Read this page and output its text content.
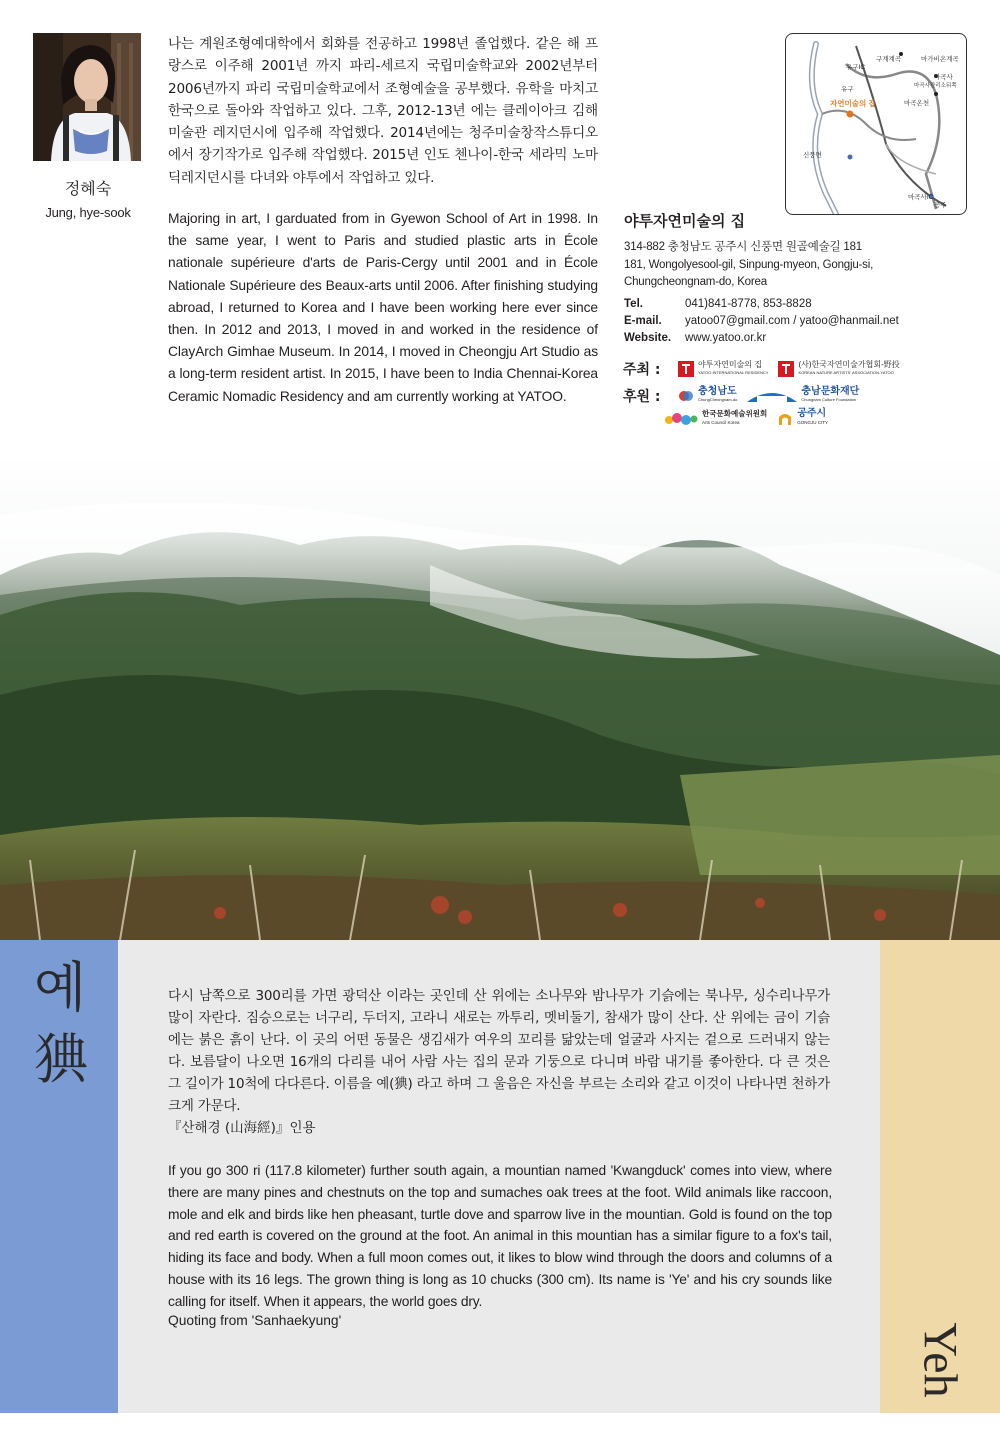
정혜숙
Jung, hye-sook

나는 계원조형예대학에서 회화를 전공하고 1998년 졸업했다. 같은 해 프랑스로 이주해 2001년 까지 파리-세르지 국립미술학교와 2002년부터 2006년까지 파리 국립미술학교에서 조형예술을 공부했다. 유학을 마치고 한국으로 돌아와 작업하고 있다. 그후, 2012-13년 에는 클레이아크 김해 미술관 레지던시에 입주해 작업했다. 2014년에는 청주미술창작스튜디오에서 장기작가로 입주해 작업했다. 2015년 인도 첸나이-한국 세라믹 노마딕레지던시를 다녀와 야투에서 작업하고 있다.

Majoring in art, I garduated from in Gyewon School of Art in 1998. In the same year, I went to Paris and studied plastic arts in École nationale supérieure d'arts de Paris-Cergy until 2001 and in École Nationale Supérieure des Beaux-arts until 2006. After finishing studying abroad, I returned to Korea and I have been working here ever since then. In 2012 and 2013, I moved in and worked in the residence of ClayArch Gimhae Museum. In 2014, I moved in Cheongju Art Studio as a long-term resident artist. In 2015, I have been to India Chennai-Korea Ceramic Nomadic Residency and am currently working at YATOO.

구계계곡	마가비온계곡
유구IC
유구
마곡사
마곡사관리소뒤쪽
자연미술의 집	마곡온천
신풍면
마곡사IC
공주
야투자연미술의 집
314-882 충청남도 공주시 신풍면 원골예술길 181
181, Wongolyesool-gil, Sinpung-myeon, Gongju-si,
Chungcheongnam-do, Korea
Tel.	041)841-8778, 853-8828
E-mail.	yatoo07@gmail.com / yatoo@hanmail.net
Website.	www.yatoo.or.kr
주최 :	야투자연미술의 집
YATOO INTERNATIONAL RESIDENCY
(사)한국자연미술가협회-野投
KOREAN NATURE ARTISTS' ASSOCIATION-YATOO
후원 :	충청남도
ChungCheongnam-do
충남문화재단
Chungnam Culture Foundation
한국문화예술위원회
Arts Council Korea
공주시
GONGJU CITY
예
猠
Yeh

다시 남쪽으로 300리를 가면 광덕산 이라는 곳인데 산 위에는 소나무와 밤나무가 기슭에는 북나무, 싱수리나무가 많이 자란다. 짐승으로는 너구리, 두더지, 고라니 새로는 까투리, 멧비둘기, 참새가 많이 산다. 산 위에는 금이 기슭에는 붉은 흙이 난다. 이 곳의 어떤 동물은 생김새가 여우의 꼬리를 닮았는데 얼굴과 사지는 겉으로 드러내지 않는다. 보름달이 나오면 16개의 다리를 내어 사람 사는 집의 문과 기둥으로 다니며 바람 내기를 좋아한다. 다 큰 것은 그 길이가 10척에 다다른다. 이름을 예(猠) 라고 하며 그 울음은 자신을 부르는 소리와 같고 이것이 나타나면 천하가 크게 가문다.

『산해경 (山海經)』인용

If you go 300 ri (117.8 kilometer) further south again, a mountian named 'Kwangduck' comes into view, where there are many pines and chestnuts on the top and sumaches oak trees at the foot. Wild animals like raccoon, mole and elk and birds like hen pheasant, turtle dove and sparrow live in the mountian. Gold is found on the top and red earth is covered on the ground at the foot. An animal in this mountian has a similar figure to a fox's tail, hiding its face and body. When a full moon comes out, it likes to blow wind through the doors and columns of a house with its 16 legs. The grown thing is long as 10 chucks (300 cm). Its name is 'Ye' and his cry sounds like calling for itself. When it appears, the world goes dry.

Quoting from 'Sanhaekyung'
